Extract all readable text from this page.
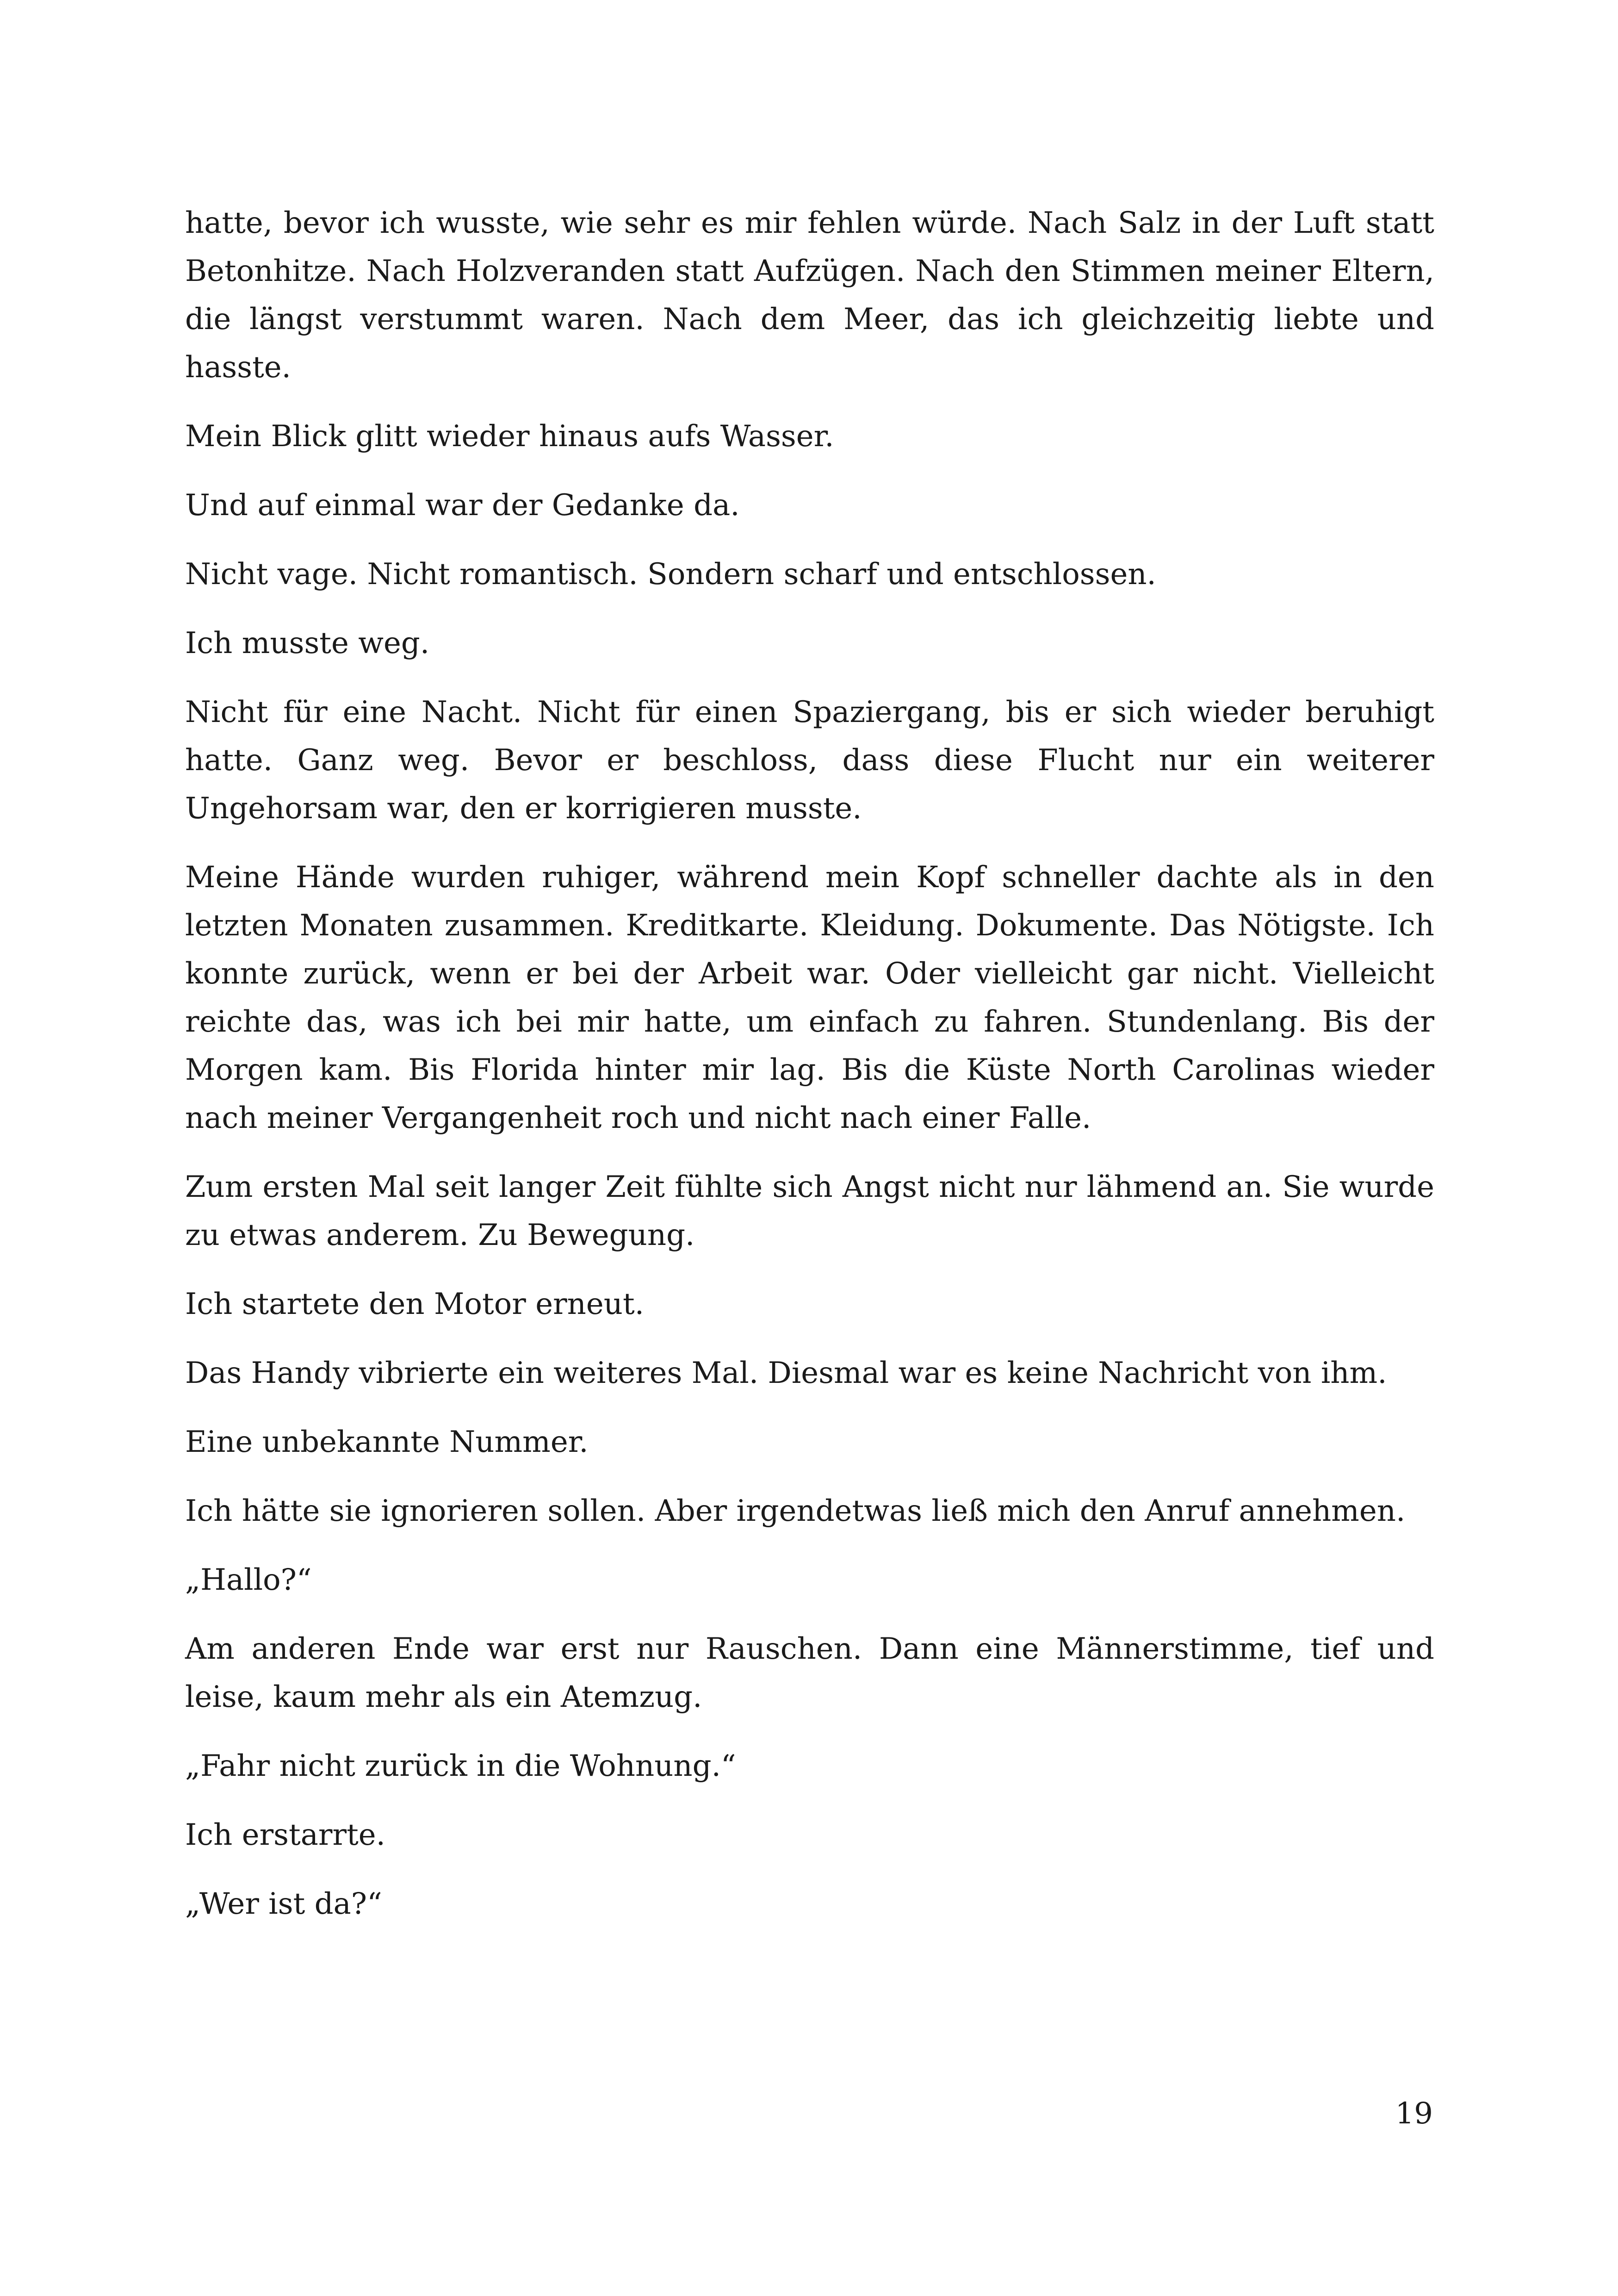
hatte, bevor ich wusste, wie sehr es mir fehlen würde. Nach Salz in der Luft statt Betonhitze. Nach Holzveranden statt Aufzügen. Nach den Stimmen meiner Eltern, die längst verstummt waren. Nach dem Meer, das ich gleichzeitig liebte und hasste.

Mein Blick glitt wieder hinaus aufs Wasser.

Und auf einmal war der Gedanke da.

Nicht vage. Nicht romantisch. Sondern scharf und entschlossen.

Ich musste weg.

Nicht für eine Nacht. Nicht für einen Spaziergang, bis er sich wieder beruhigt hatte. Ganz weg. Bevor er beschloss, dass diese Flucht nur ein weiterer Ungehorsam war, den er korrigieren musste.

Meine Hände wurden ruhiger, während mein Kopf schneller dachte als in den letzten Monaten zusammen. Kreditkarte. Kleidung. Dokumente. Das Nötigste. Ich konnte zurück, wenn er bei der Arbeit war. Oder vielleicht gar nicht. Vielleicht reichte das, was ich bei mir hatte, um einfach zu fahren. Stundenlang. Bis der Morgen kam. Bis Florida hinter mir lag. Bis die Küste North Carolinas wieder nach meiner Vergangenheit roch und nicht nach einer Falle.

Zum ersten Mal seit langer Zeit fühlte sich Angst nicht nur lähmend an. Sie wurde zu etwas anderem. Zu Bewegung.

Ich startete den Motor erneut.

Das Handy vibrierte ein weiteres Mal. Diesmal war es keine Nachricht von ihm.

Eine unbekannte Nummer.

Ich hätte sie ignorieren sollen. Aber irgendetwas ließ mich den Anruf annehmen.

„Hallo?“

Am anderen Ende war erst nur Rauschen. Dann eine Männerstimme, tief und leise, kaum mehr als ein Atemzug.

„Fahr nicht zurück in die Wohnung.“

Ich erstarrte.

„Wer ist da?“

19
